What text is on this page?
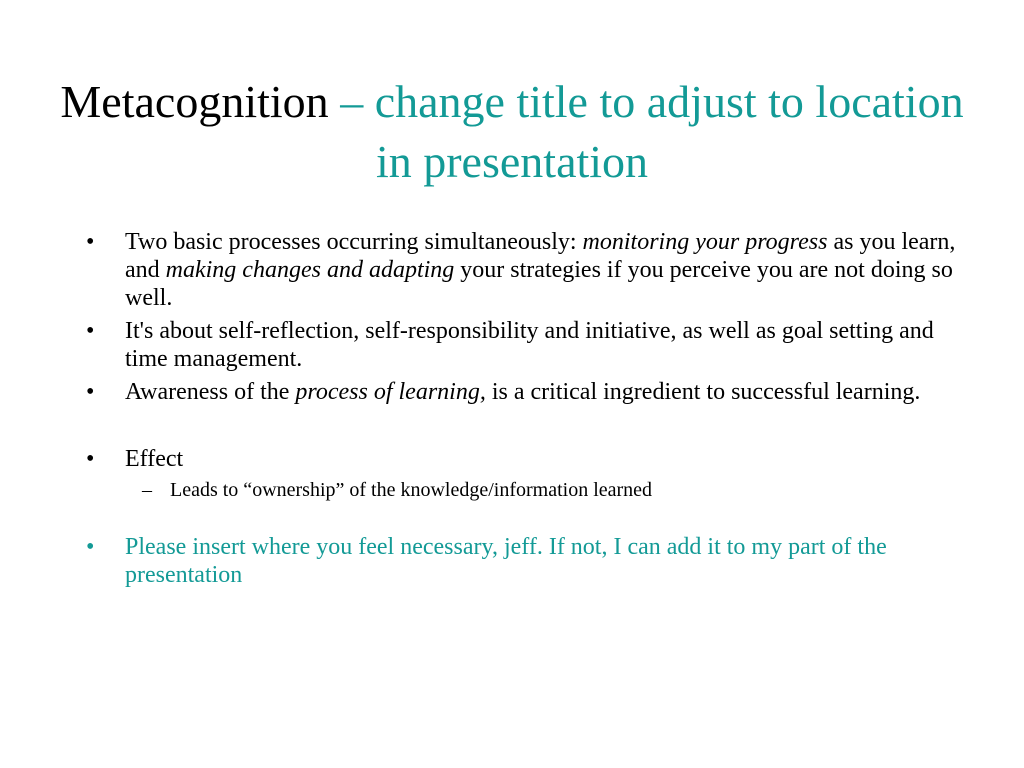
Metacognition – change title to adjust to location in presentation
• Two basic processes occurring simultaneously: monitoring your progress as you learn, and making changes and adapting your strategies if you perceive you are not doing so well.
• It's about self-reflection, self-responsibility and initiative, as well as goal setting and time management.
• Awareness of the process of learning, is a critical ingredient to successful learning.
• Effect
– Leads to “ownership” of the knowledge/information learned
• Please insert where you feel necessary, jeff. If not, I can add it to my part of the presentation
